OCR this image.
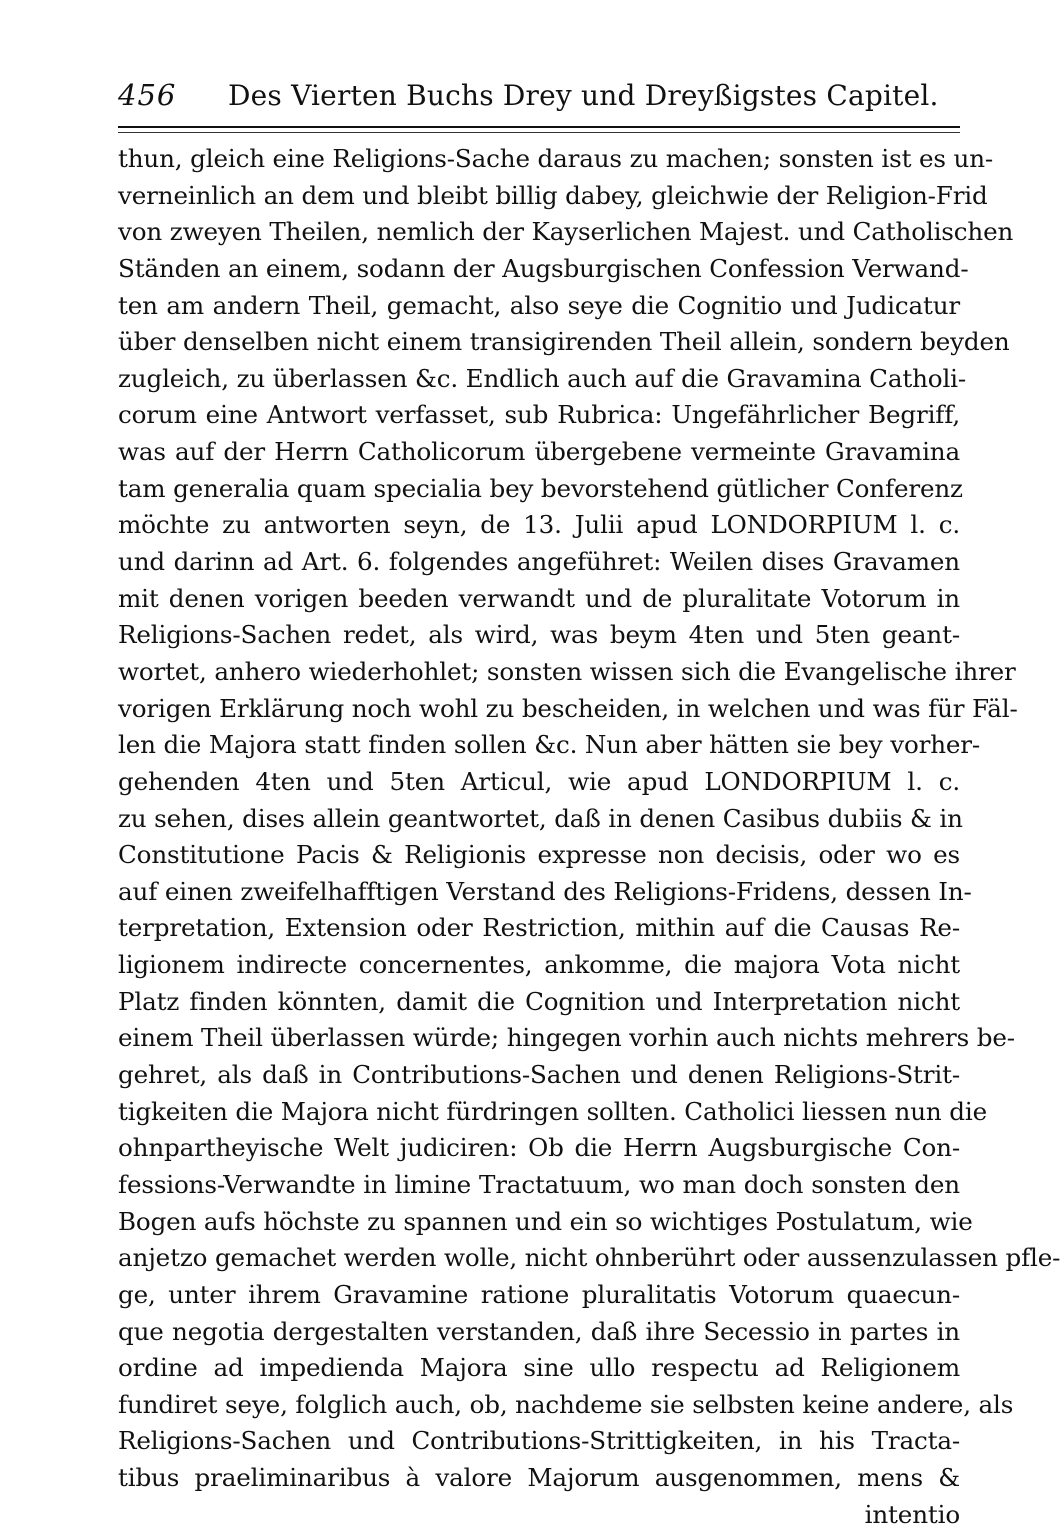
456	Des Vierten Buchs Drey und Dreyßigstes Capitel.
thun, gleich eine Religions-Sache daraus zu machen; sonsten ist es un-
verneinlich an dem und bleibt billig dabey, gleichwie der Religion-Frid
von zweyen Theilen, nemlich der Kayserlichen Majest. und Catholischen
Ständen an einem, sodann der Augsburgischen Confession Verwand-
ten am andern Theil, gemacht, also seye die Cognitio und Judicatur
über denselben nicht einem transigirenden Theil allein, sondern beyden
zugleich, zu überlassen &c. Endlich auch auf die Gravamina Catholi-
corum eine Antwort verfasset, sub Rubrica: Ungefährlicher Begriff,
was auf der Herrn Catholicorum übergebene vermeinte Gravamina
tam generalia quam specialia bey bevorstehend gütlicher Conferenz
möchte zu antworten seyn, de 13. Julii apud LONDORPIUM l. c.
und darinn ad Art. 6. folgendes angeführet: Weilen dises Gravamen
mit denen vorigen beeden verwandt und de pluralitate Votorum in
Religions-Sachen redet, als wird, was beym 4ten und 5ten geant-
wortet, anhero wiederhohlet; sonsten wissen sich die Evangelische ihrer
vorigen Erklärung noch wohl zu bescheiden, in welchen und was für Fäl-
len die Majora statt finden sollen &c. Nun aber hätten sie bey vorher-
gehenden 4ten und 5ten Articul, wie apud LONDORPIUM l. c.
zu sehen, dises allein geantwortet, daß in denen Casibus dubiis & in
Constitutione Pacis & Religionis expresse non decisis, oder wo es
auf einen zweifelhafftigen Verstand des Religions-Fridens, dessen In-
terpretation, Extension oder Restriction, mithin auf die Causas Re-
ligionem indirecte concernentes, ankomme, die majora Vota nicht
Platz finden könnten, damit die Cognition und Interpretation nicht
einem Theil überlassen würde; hingegen vorhin auch nichts mehrers be-
gehret, als daß in Contributions-Sachen und denen Religions-Strit-
tigkeiten die Majora nicht fürdringen sollten. Catholici liessen nun die
ohnpartheyische Welt judiciren: Ob die Herrn Augsburgische Con-
fessions-Verwandte in limine Tractatuum, wo man doch sonsten den
Bogen aufs höchste zu spannen und ein so wichtiges Postulatum, wie
anjetzo gemachet werden wolle, nicht ohnberührt oder aussenzulassen pfle-
ge, unter ihrem Gravamine ratione pluralitatis Votorum quaecun-
que negotia dergestalten verstanden, daß ihre Secessio in partes in
ordine ad impedienda Majora sine ullo respectu ad Religionem
fundiret seye, folglich auch, ob, nachdeme sie selbsten keine andere, als
Religions-Sachen und Contributions-Strittigkeiten, in his Tracta-
tibus praeliminaribus à valore Majorum ausgenommen, mens &
intentio
